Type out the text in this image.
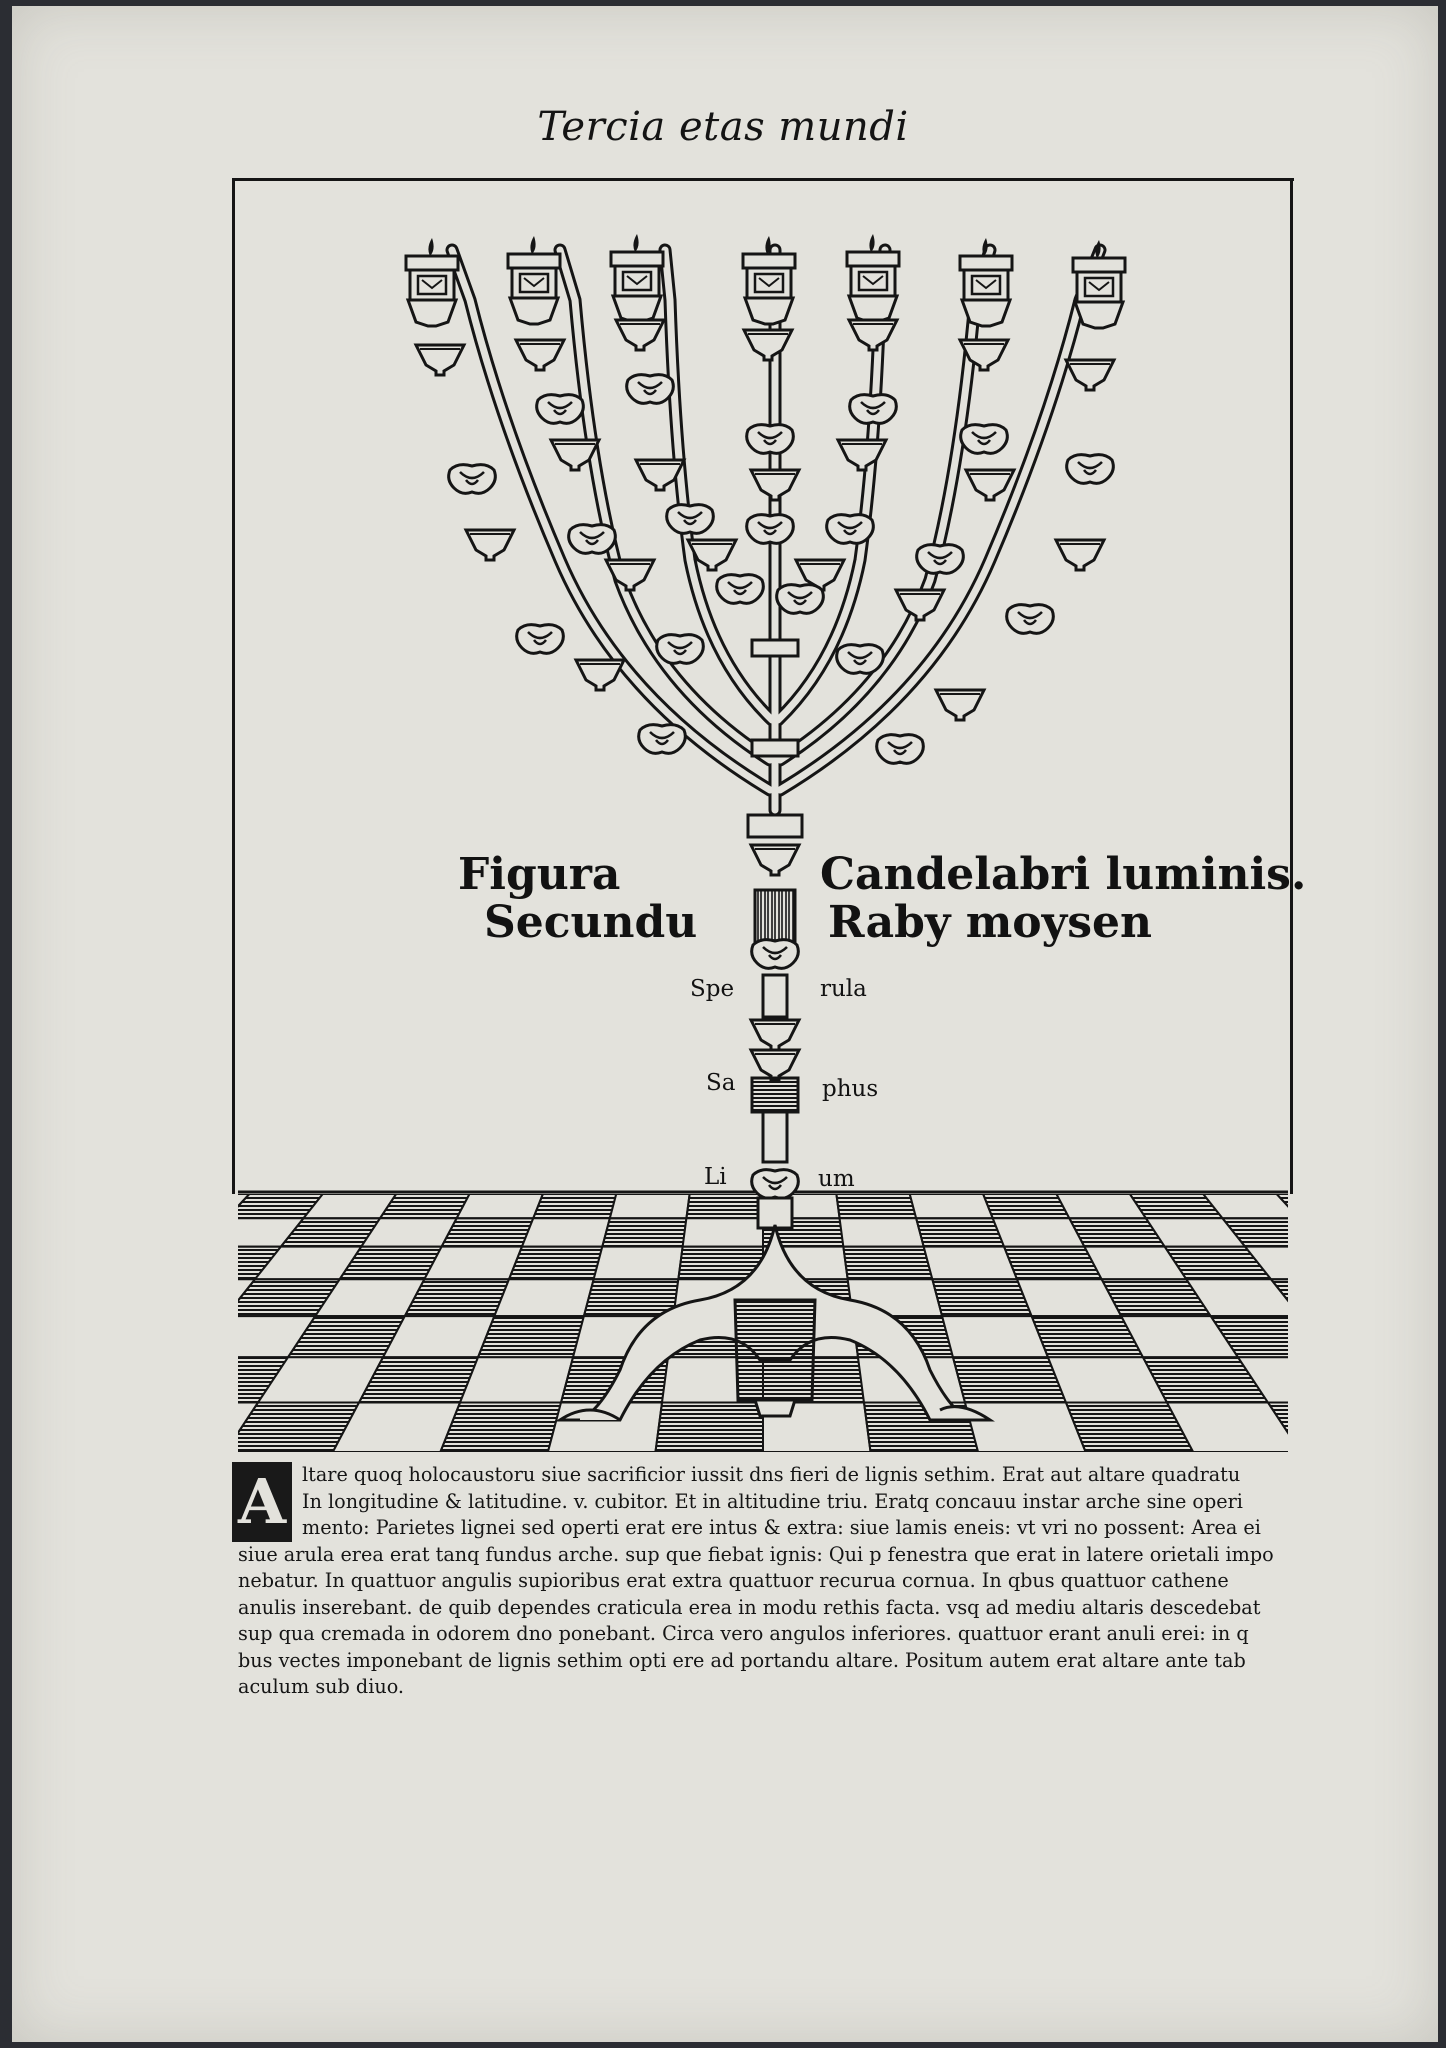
Tercia etas mundi
Figura
Secundu
Candelabri luminis.
Raby moysen
Spe	rula
Sa	phus
Li	um
A ltare quoq holocaustoru siue sacrificior iussit dns fieri de lignis sethim. Erat aut altare quadratu
In longitudine & latitudine. v. cubitor. Et in altitudine triu. Eratq concauu instar arche sine operi
mento: Parietes lignei sed operti erat ere intus & extra: siue lamis eneis: vt vri no possent: Area ei
siue arula erea erat tanq fundus arche. sup que fiebat ignis: Qui p fenestra que erat in latere orietali impo
nebatur. In quattuor angulis supioribus erat extra quattuor recurua cornua. In qbus quattuor cathene
anulis inserebant. de quib dependes craticula erea in modu rethis facta. vsq ad mediu altaris descedebat
sup qua cremada in odorem dno ponebant. Circa vero angulos inferiores. quattuor erant anuli erei: in q
bus vectes imponebant de lignis sethim opti ere ad portandu altare. Positum autem erat altare ante tab
aculum sub diuo.
